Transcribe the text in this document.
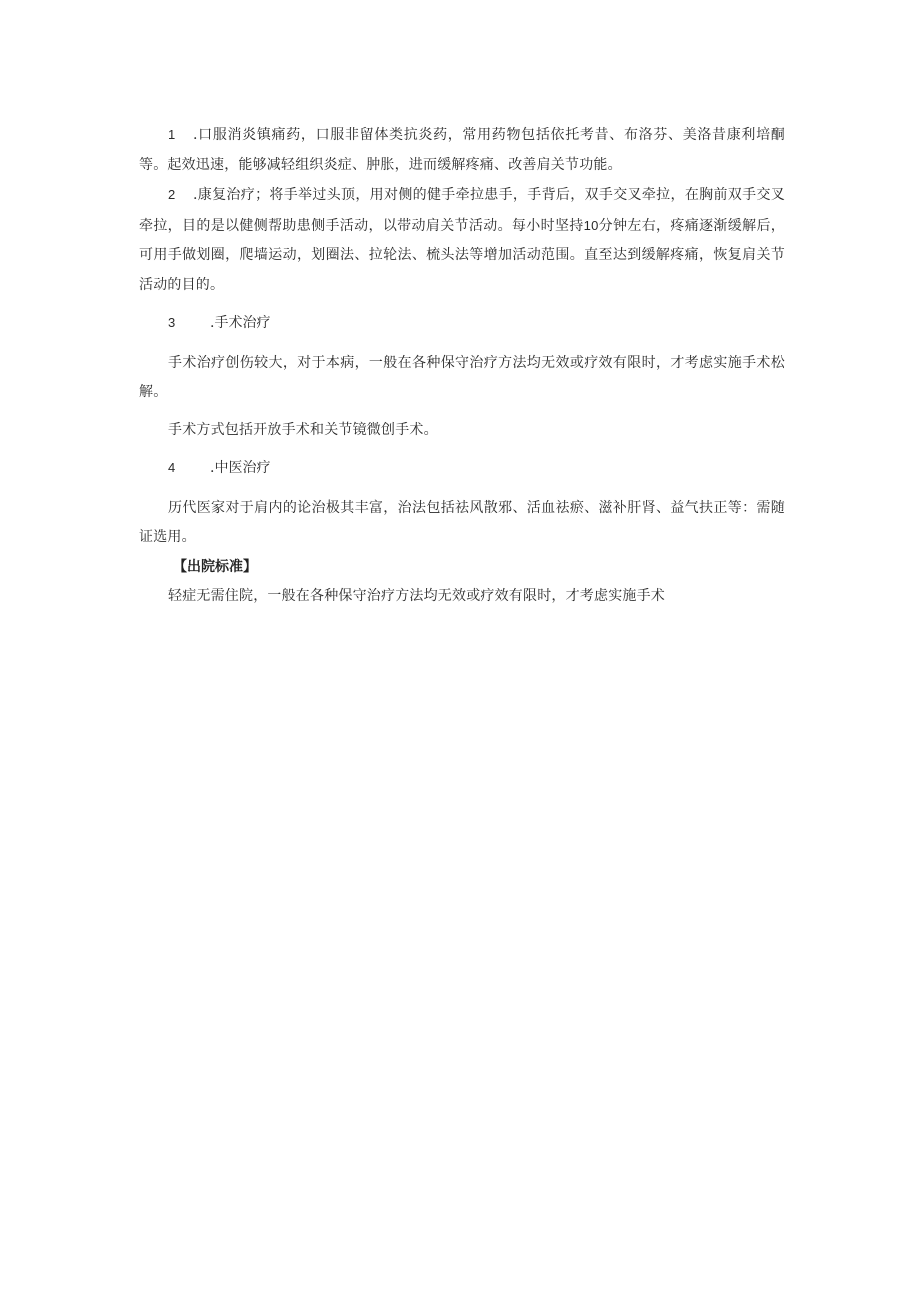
1 .口服消炎镇痛药，口服非留体类抗炎药，常用药物包括依托考昔、布洛芬、美洛昔康利培酮等。起效迅速，能够减轻组织炎症、肿胀，进而缓解疼痛、改善肩关节功能。

2 .康复治疗；将手举过头顶，用对侧的健手牵拉患手，手背后，双手交叉牵拉，在胸前双手交叉牵拉，目的是以健侧帮助患侧手活动，以带动肩关节活动。每小时坚持10分钟左右，疼痛逐渐缓解后，可用手做划圈，爬墙运动，划圈法、拉轮法、梳头法等增加活动范围。直至达到缓解疼痛，恢复肩关节活动的目的。

3	.手术治疗

手术治疗创伤较大，对于本病，一般在各种保守治疗方法均无效或疗效有限时，才考虑实施手术松解。

手术方式包括开放手术和关节镜微创手术。

4	.中医治疗

历代医家对于肩内的论治极其丰富，治法包括祛风散邪、活血祛瘀、滋补肝肾、益气扶正等：需随证选用。

【出院标准】

轻症无需住院，一般在各种保守治疗方法均无效或疗效有限时，才考虑实施手术
